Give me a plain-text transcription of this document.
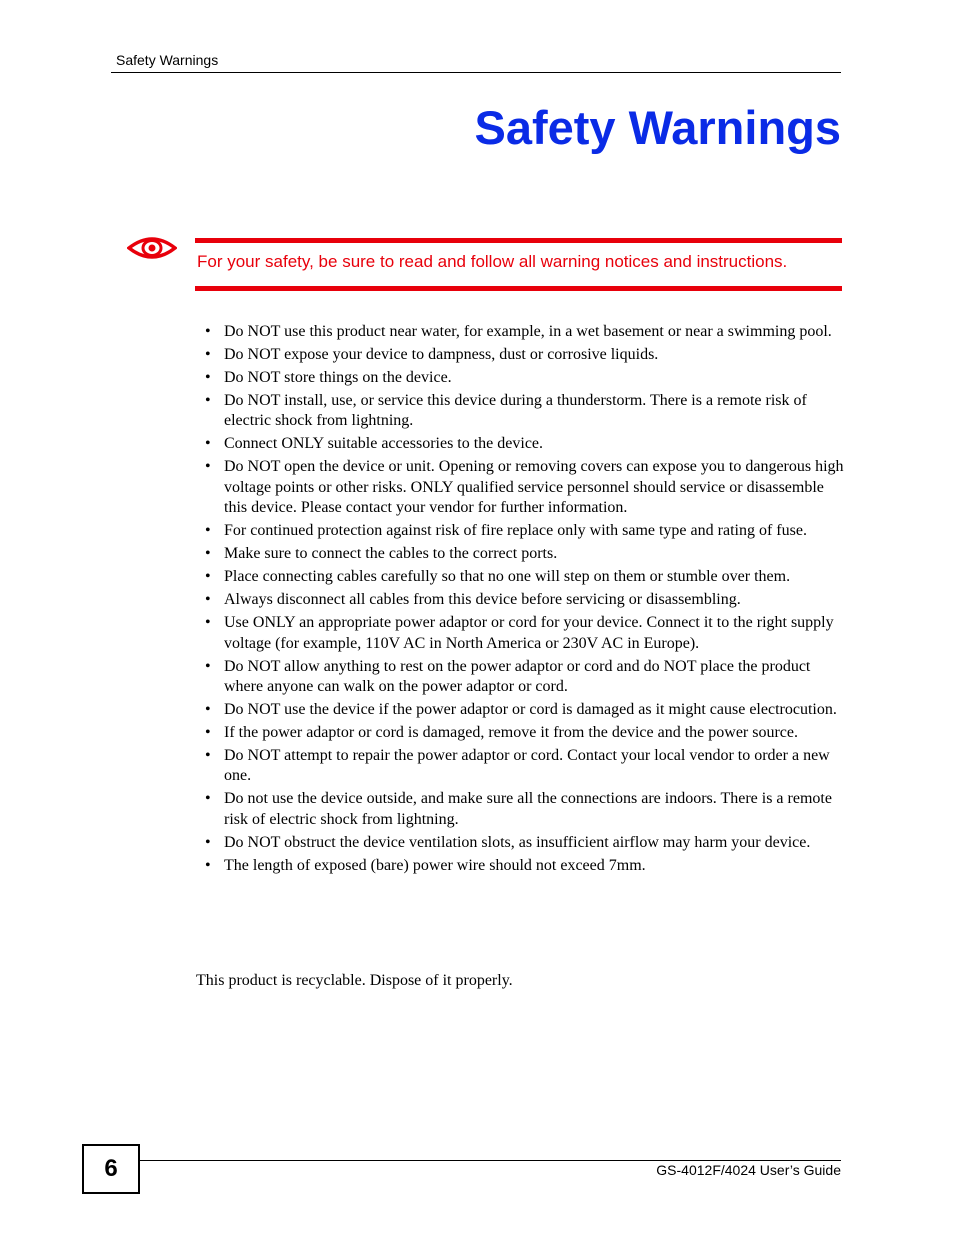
Safety Warnings
Safety Warnings
For your safety, be sure to read and follow all warning notices and instructions.
• Do NOT use this product near water, for example, in a wet basement or near a swimming pool.
• Do NOT expose your device to dampness, dust or corrosive liquids.
• Do NOT store things on the device.
• Do NOT install, use, or service this device during a thunderstorm. There is a remote risk of electric shock from lightning.
• Connect ONLY suitable accessories to the device.
• Do NOT open the device or unit. Opening or removing covers can expose you to dangerous high voltage points or other risks. ONLY qualified service personnel should service or disassemble this device. Please contact your vendor for further information.
• For continued protection against risk of fire replace only with same type and rating of fuse.
• Make sure to connect the cables to the correct ports.
• Place connecting cables carefully so that no one will step on them or stumble over them.
• Always disconnect all cables from this device before servicing or disassembling.
• Use ONLY an appropriate power adaptor or cord for your device. Connect it to the right supply voltage (for example, 110V AC in North America or 230V AC in Europe).
• Do NOT allow anything to rest on the power adaptor or cord and do NOT place the product where anyone can walk on the power adaptor or cord.
• Do NOT use the device if the power adaptor or cord is damaged as it might cause electrocution.
• If the power adaptor or cord is damaged, remove it from the device and the power source.
• Do NOT attempt to repair the power adaptor or cord. Contact your local vendor to order a new one.
• Do not use the device outside, and make sure all the connections are indoors. There is a remote risk of electric shock from lightning.
• Do NOT obstruct the device ventilation slots, as insufficient airflow may harm your device.
• The length of exposed (bare) power wire should not exceed 7mm.

This product is recyclable. Dispose of it properly.

6	GS-4012F/4024 User’s Guide
